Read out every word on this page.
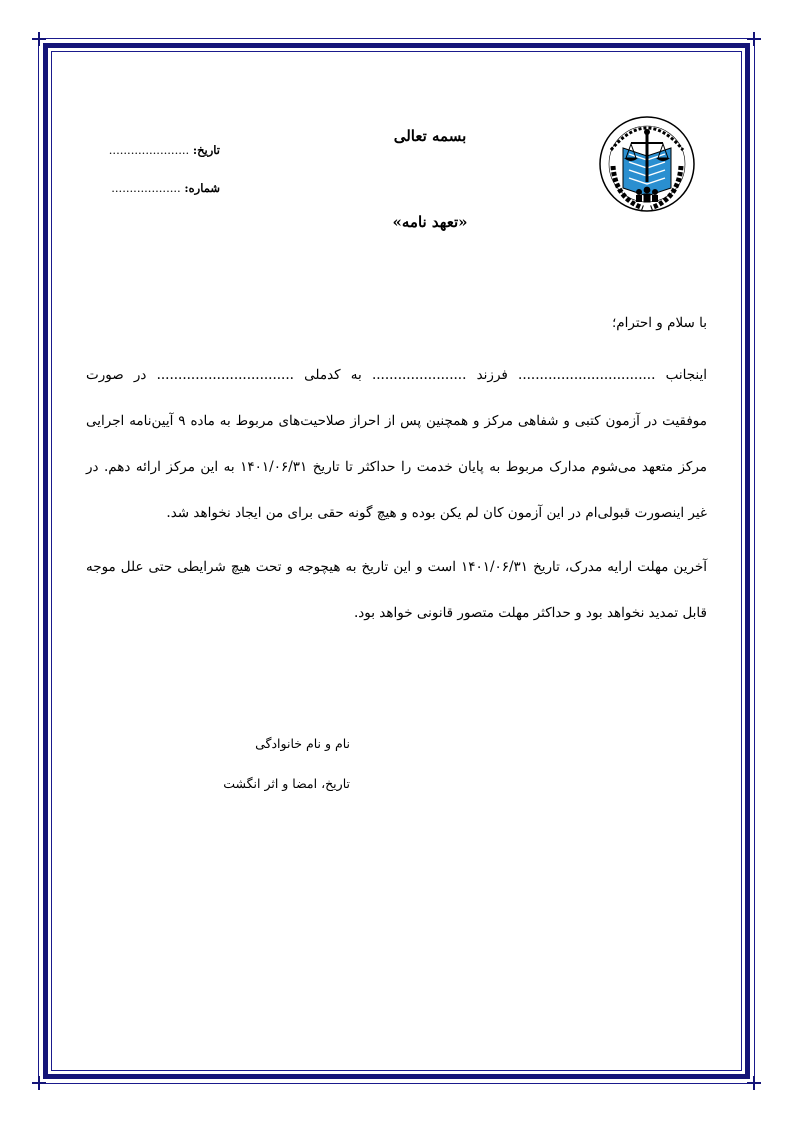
بسمه تعالی
تاریخ: ......................
شماره: ...................
«تعهد نامه»

با سلام و احترام؛

اینجانب ................................ فرزند ...................... به کدملی ................................ در صورت موفقیت در آزمون کتبی و شفاهی مرکز و همچنین پس از احراز صلاحیت‌های مربوط به ماده ۹ آیین‌نامه اجرایی مرکز متعهد می‌شوم مدارک مربوط به پایان خدمت را حداکثر تا تاریخ ۱۴۰۱/۰۶/۳۱ به این مرکز ارائه دهم. در غیر اینصورت قبولی‌ام در این آزمون کان لم یکن بوده و هیچ گونه حقی برای من ایجاد نخواهد شد.

آخرین مهلت ارایه مدرک، تاریخ ۱۴۰۱/۰۶/۳۱ است و این تاریخ به هیچوجه و تحت هیچ شرایطی حتی علل موجه قابل تمدید نخواهد بود و حداکثر مهلت متصور قانونی خواهد بود.

نام و نام خانوادگی
تاریخ، امضا و اثر انگشت
